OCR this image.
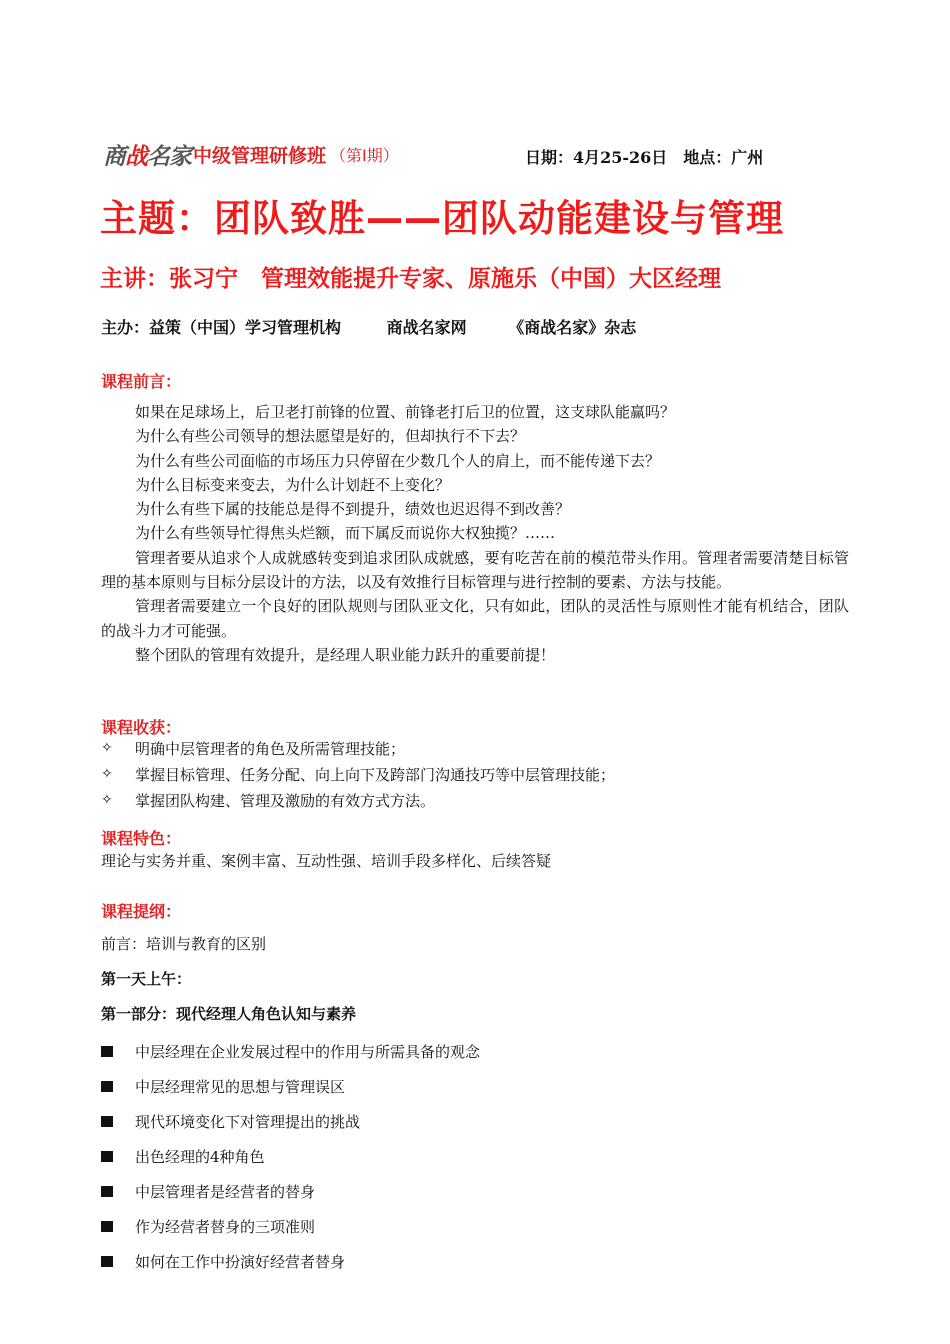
商战名家 中级管理研修班 （第Ⅰ期）	日期：4月25-26日　地点：广州
主题：团队致胜——团队动能建设与管理
主讲：张习宁　管理效能提升专家、原施乐（中国）大区经理
主办：益策（中国）学习管理机构	商战名家网	《商战名家》杂志
课程前言：

如果在足球场上，后卫老打前锋的位置、前锋老打后卫的位置，这支球队能赢吗？

为什么有些公司领导的想法愿望是好的，但却执行不下去？

为什么有些公司面临的市场压力只停留在少数几个人的肩上，而不能传递下去？

为什么目标变来变去，为什么计划赶不上变化？

为什么有些下属的技能总是得不到提升，绩效也迟迟得不到改善？

为什么有些领导忙得焦头烂额，而下属反而说你大权独揽？……

管理者要从追求个人成就感转变到追求团队成就感，要有吃苦在前的模范带头作用。管理者需要清楚目标管理的基本原则与目标分层设计的方法，以及有效推行目标管理与进行控制的要素、方法与技能。

管理者需要建立一个良好的团队规则与团队亚文化，只有如此，团队的灵活性与原则性才能有机结合，团队的战斗力才可能强。

整个团队的管理有效提升，是经理人职业能力跃升的重要前提！

课程收获：
✧	明确中层管理者的角色及所需管理技能；
✧	掌握目标管理、任务分配、向上向下及跨部门沟通技巧等中层管理技能；
✧	掌握团队构建、管理及激励的有效方式方法。
课程特色：
理论与实务并重、案例丰富、互动性强、培训手段多样化、后续答疑
课程提纲：
前言：培训与教育的区别
第一天上午：
第一部分：现代经理人角色认知与素养
中层经理在企业发展过程中的作用与所需具备的观念
中层经理常见的思想与管理误区
现代环境变化下对管理提出的挑战
出色经理的4种角色
中层管理者是经营者的替身
作为经营者替身的三项准则
如何在工作中扮演好经营者替身
